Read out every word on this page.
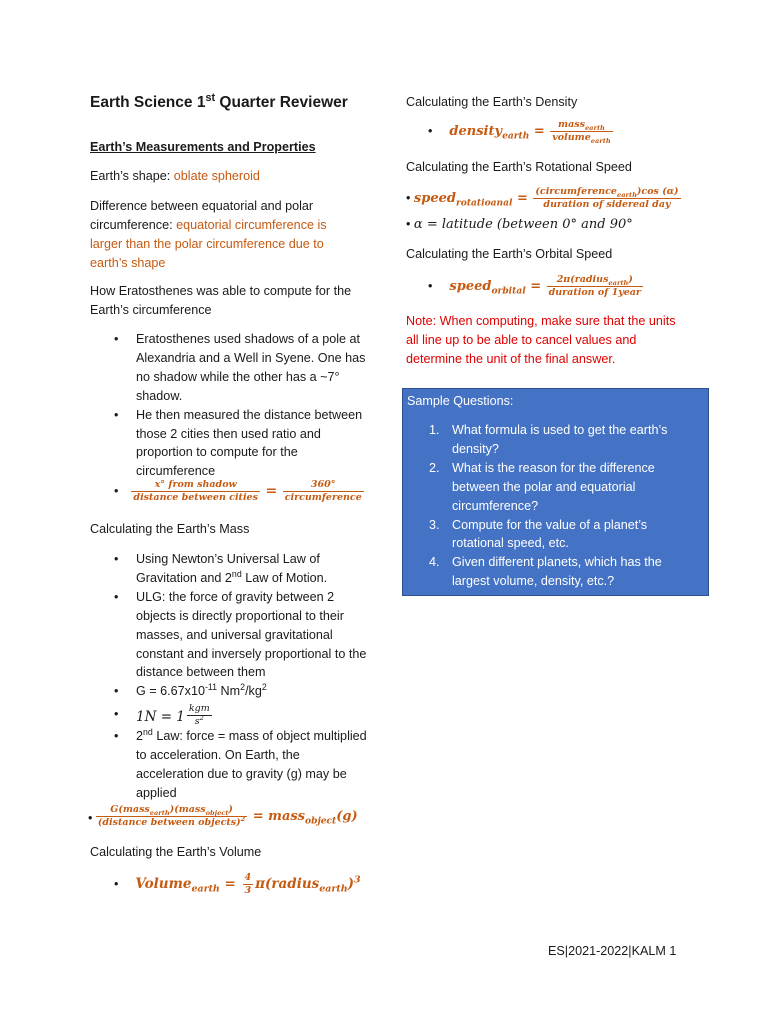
Earth Science 1st Quarter Reviewer
Earth’s Measurements and Properties

Earth’s shape: oblate spheroid

Difference between equatorial and polar circumference: equatorial circumference is larger than the polar circumference due to earth’s shape

How Eratosthenes was able to compute for the Earth’s circumference

• Eratosthenes used shadows of a pole at Alexandria and a Well in Syene. One has no shadow while the other has a ~7° shadow.
• He then measured the distance between those 2 cities then used ratio and proportion to compute for the circumference
• $\frac{\text{x° from shadow}}{\text{distance between cities}} = \frac{360^\circ}{\text{circumference}}$

Calculating the Earth’s Mass

• Using Newton’s Universal Law of Gravitation and 2nd Law of Motion.
• ULG: the force of gravity between 2 objects is directly proportional to their masses, and universal gravitational constant and inversely proportional to the distance between them
• $G = 6.67x10^{-11}$ $Nm^2/kg^2$
• $1N = 1 \frac{\text{kgm}}{s^2}$
• 2nd Law: force = mass of object multiplied to acceleration. On Earth, the acceleration due to gravity (g) may be applied
• $\frac{G(mass_{earth})(mass_{object})}{(distance between objects)^2}$ = mass$_{object}$(g)

Calculating the Earth’s Volume

• Volume$_{earth}$ = $\frac{4}{3}$ π(radius$_{earth}$)$^3$

Calculating the Earth’s Density

• density$_{earth}$ = $\frac{mass_{earth}}{volume_{earth}}$

Calculating the Earth’s Rotational Speed

• speed$_{rotatioanal}$ = $\frac{(circumference_{earth})\cos (\alpha)}{\text{duration of sidereal day}}$
• α = latitude (between 0° and 90°

Calculating the Earth’s Orbital Speed

• speed$_{orbital}$ = $\frac{2\pi(radius_{earth})}{\text{duration of 1year}}$

Note: When computing, make sure that the units all line up to be able to cancel values and determine the unit of the final answer.

Sample Questions:

1. What formula is used to get the earth’s density?
2. What is the reason for the difference between the polar and equatorial circumference?
3. Compute for the value of a planet’s rotational speed, etc.
4. Given different planets, which has the largest volume, density, etc.?

ES|2021-2022|KALM 1
